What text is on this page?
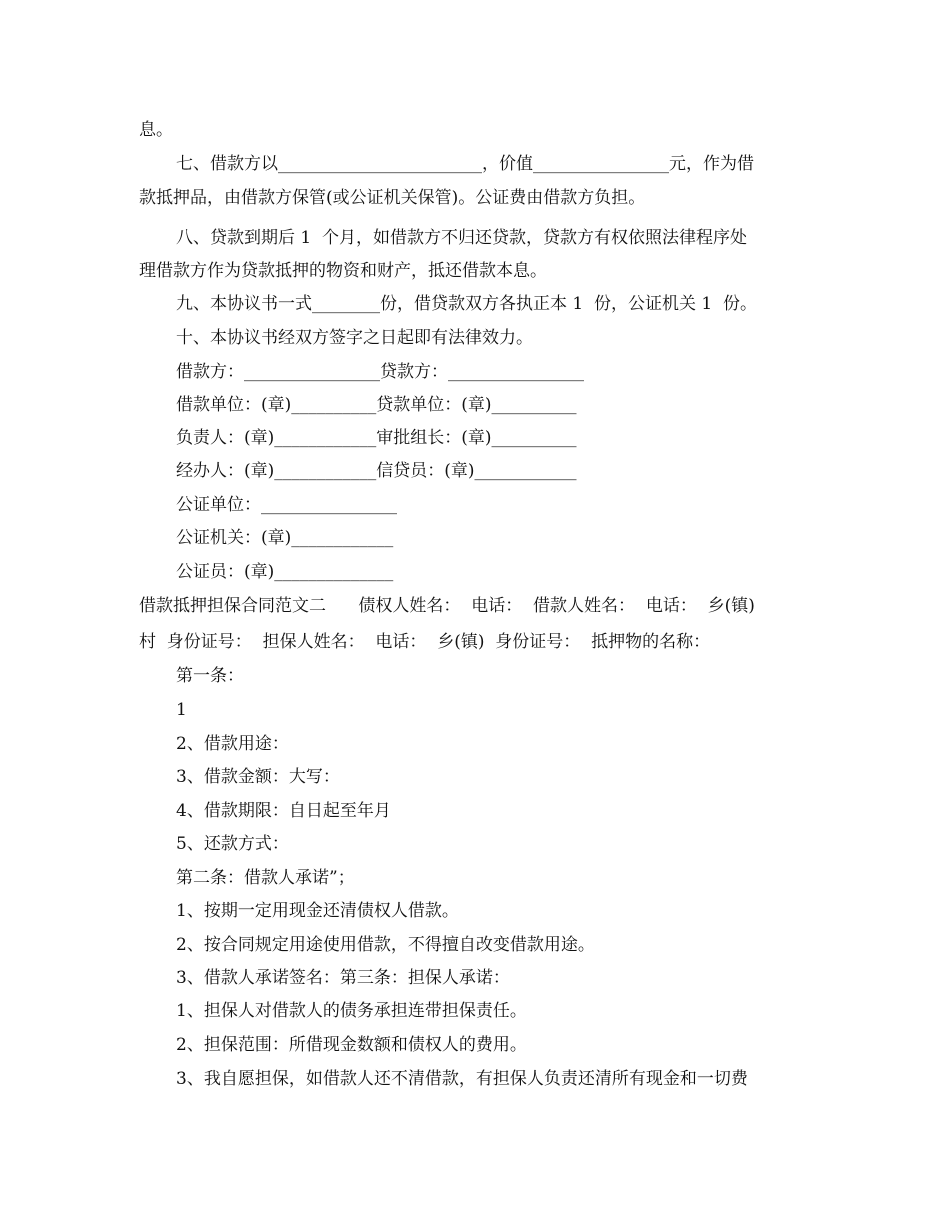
息。
七、借款方以________________________，价值________________元，作为借
款抵押品，由借款方保管(或公证机关保管)。公证费由借款方负担。
八、贷款到期后 1  个月，如借款方不归还贷款，贷款方有权依照法律程序处
理借款方作为贷款抵押的物资和财产，抵还借款本息。
九、本协议书一式________份，借贷款双方各执正本 1  份，公证机关 1  份。
十、本协议书经双方签字之日起即有法律效力。
借款方：________________贷款方：________________
借款单位：(章)__________贷款单位：(章)__________
负责人：(章)____________审批组长：(章)__________
经办人：(章)____________信贷员：(章)____________
公证单位：________________
公证机关：(章)____________
公证员：(章)______________
借款抵押担保合同范文二      债权人姓名：  电话：  借款人姓名：  电话：  乡(镇)
村  身份证号：  担保人姓名：  电话：  乡(镇)  身份证号：  抵押物的名称：
第一条：
1
2、借款用途：
3、借款金额：大写：
4、借款期限：自日起至年月
5、还款方式：
第二条：借款人承诺”；
1、按期一定用现金还清债权人借款。
2、按合同规定用途使用借款，不得擅自改变借款用途。
3、借款人承诺签名：第三条：担保人承诺：
1、担保人对借款人的债务承担连带担保责任。
2、担保范围：所借现金数额和债权人的费用。
3、我自愿担保，如借款人还不清借款，有担保人负责还清所有现金和一切费
